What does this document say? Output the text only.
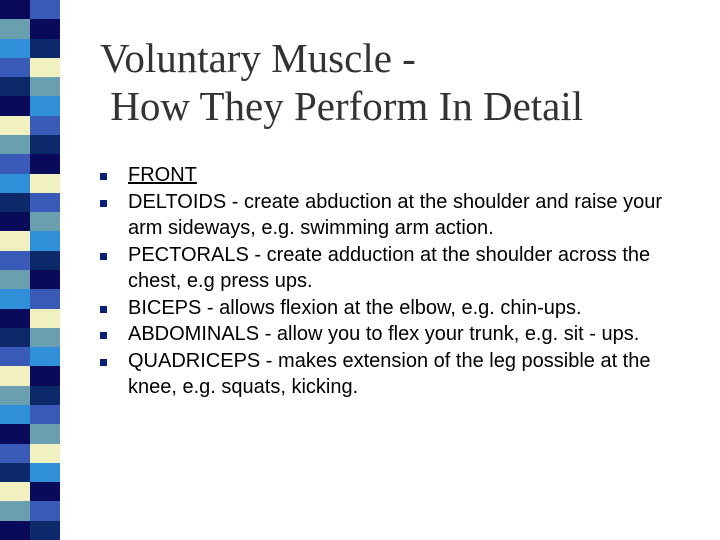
Voluntary Muscle -
How They Perform In Detail
FRONT
DELTOIDS - create abduction at the shoulder and raise your arm sideways, e.g. swimming arm action.
PECTORALS - create adduction at the shoulder across the chest, e.g press ups.
BICEPS - allows flexion at the elbow, e.g. chin-ups.
ABDOMINALS - allow you to flex your trunk, e.g. sit - ups.
QUADRICEPS - makes extension of the leg possible at the knee, e.g. squats, kicking.
